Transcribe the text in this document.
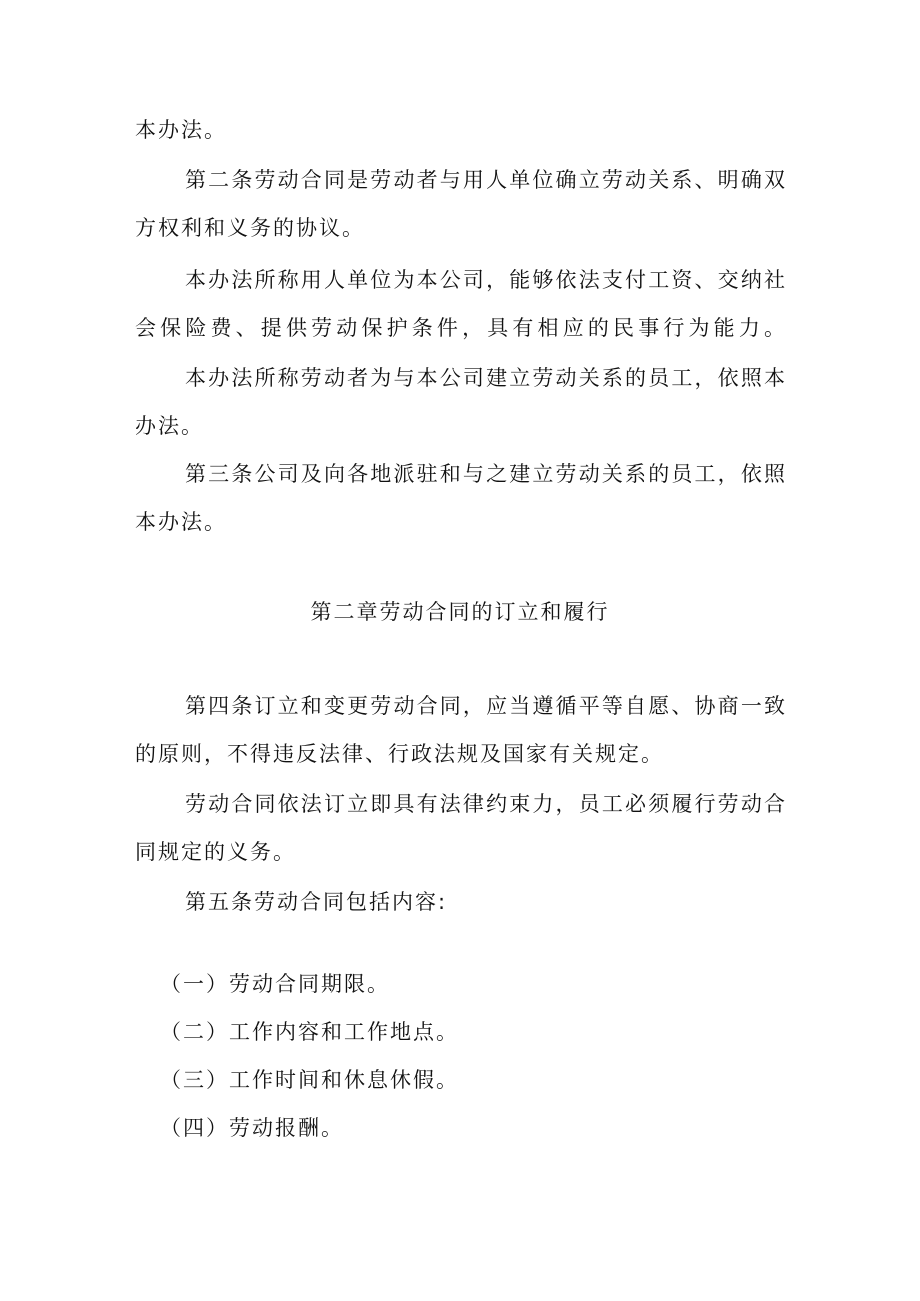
本办法。
第二条劳动合同是劳动者与用人单位确立劳动关系、明确双
方权利和义务的协议。
本办法所称用人单位为本公司，能够依法支付工资、交纳社
会保险费、提供劳动保护条件，具有相应的民事行为能力。
本办法所称劳动者为与本公司建立劳动关系的员工，依照本
办法。
第三条公司及向各地派驻和与之建立劳动关系的员工，依照
本办法。
第二章劳动合同的订立和履行
第四条订立和变更劳动合同，应当遵循平等自愿、协商一致
的原则，不得违反法律、行政法规及国家有关规定。
劳动合同依法订立即具有法律约束力，员工必须履行劳动合
同规定的义务。
第五条劳动合同包括内容:
（一）劳动合同期限。
（二）工作内容和工作地点。
（三）工作时间和休息休假。
（四）劳动报酬。
